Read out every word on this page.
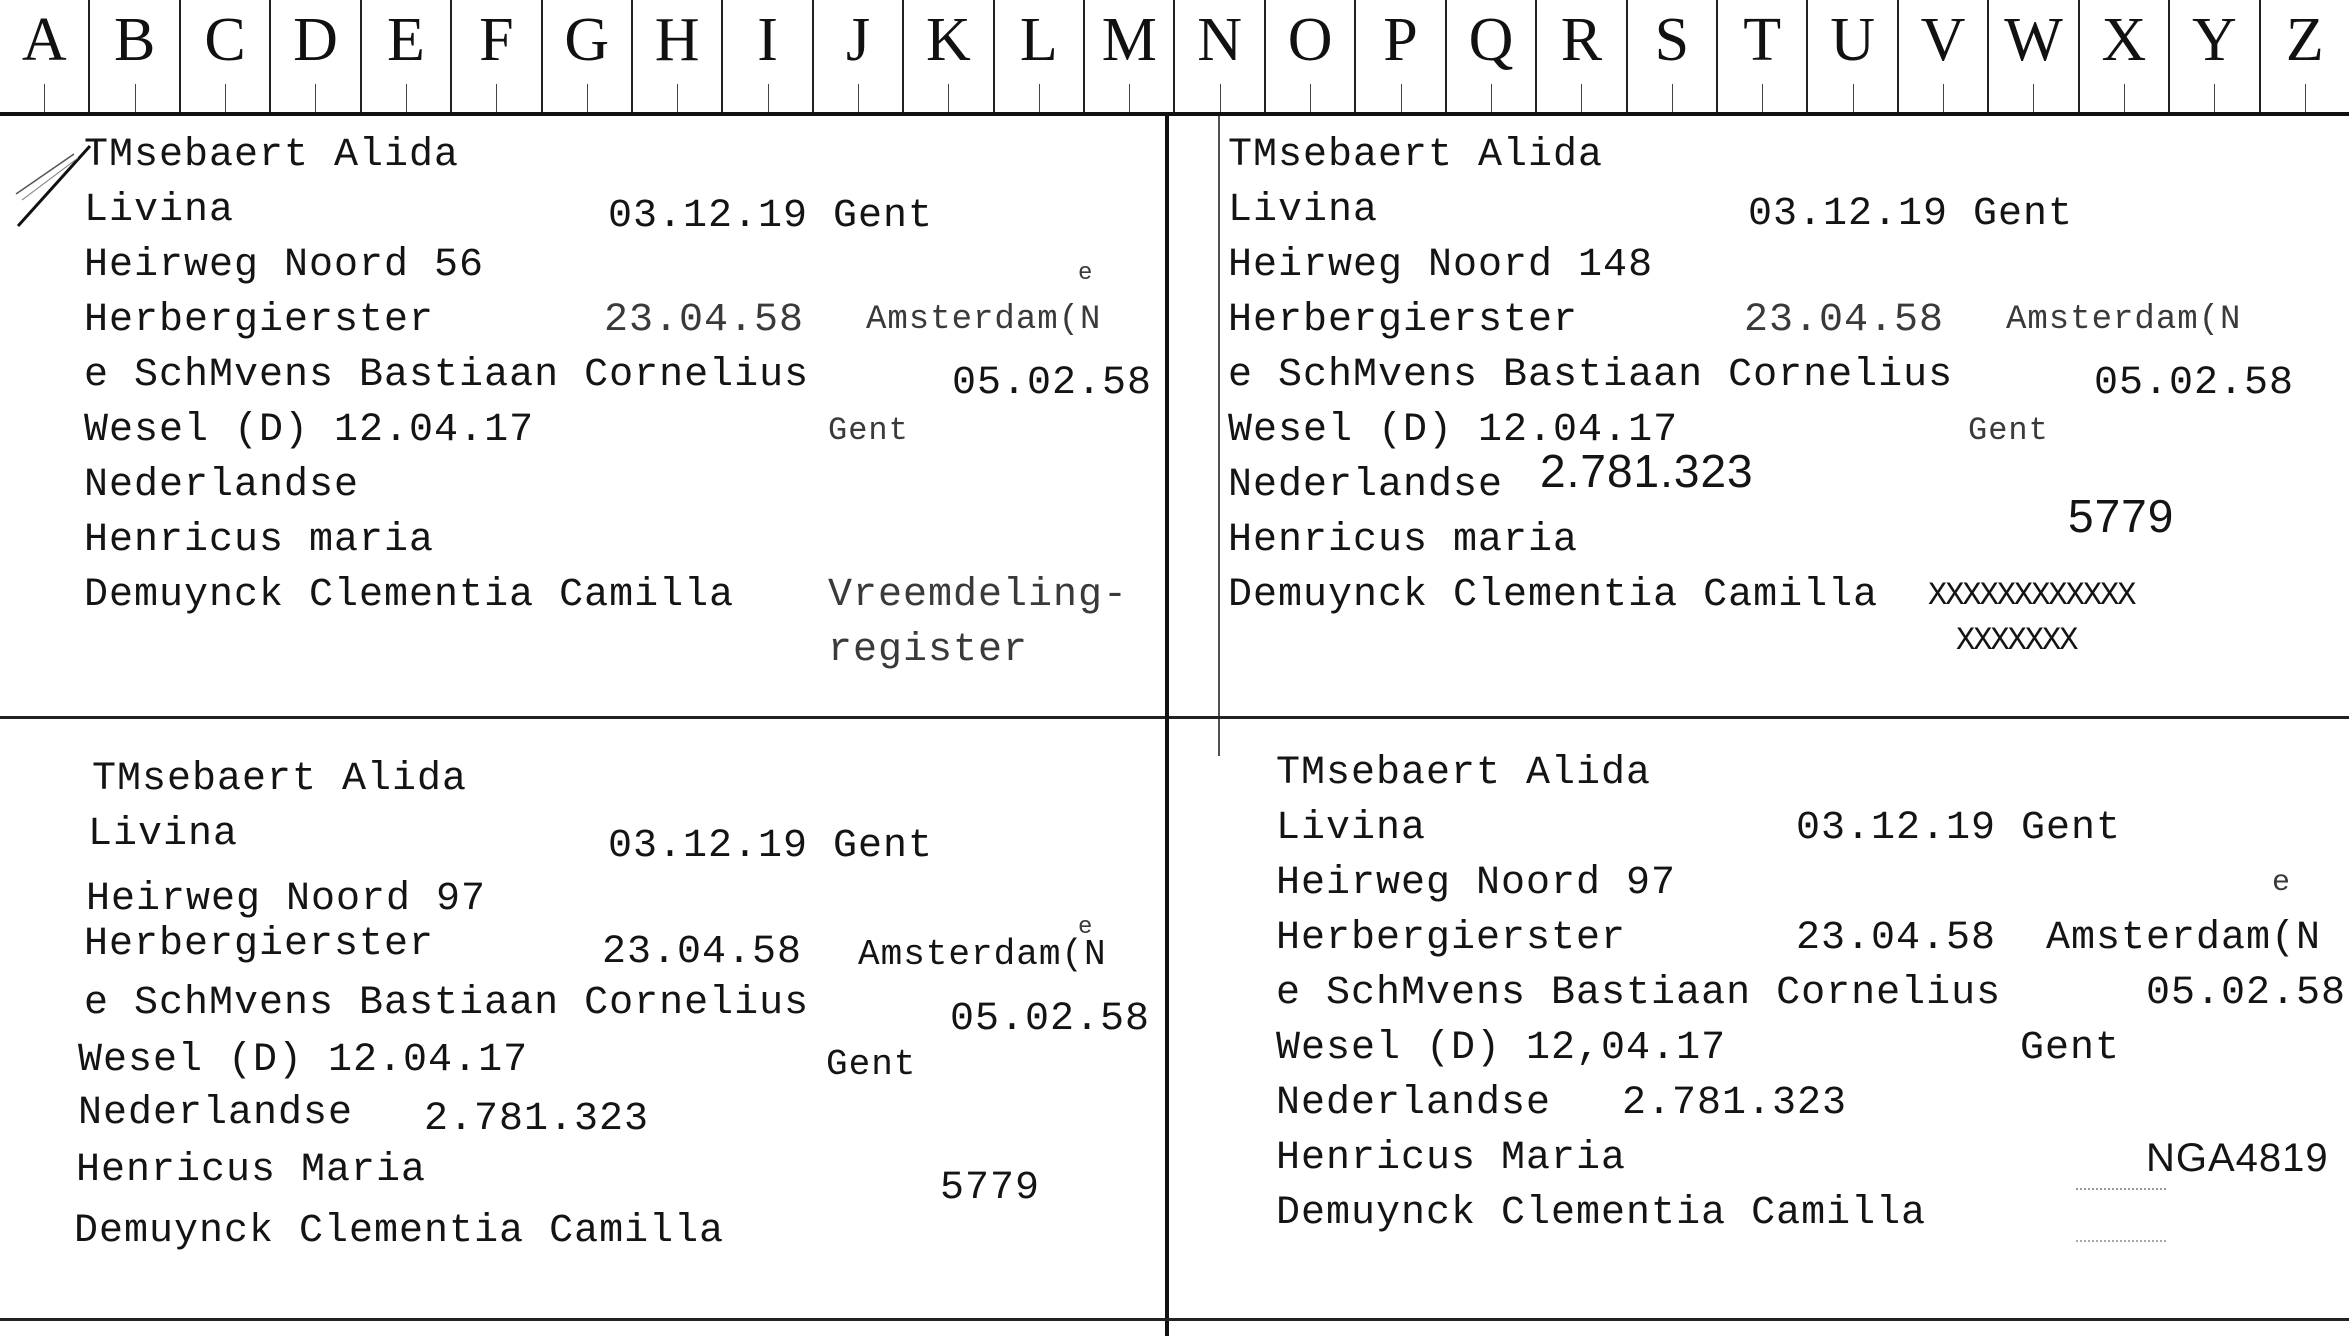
A B C D E F G H I	J K L M N O P Q R S T U V W X Y Z
TMsebaert Alida
Livina	03.12.19 Gent
Heirweg Noord 56
Herbergierster	23.04.58 Amsterdam(N
e SchMvens Bastiaan Cornelius	05.02.58
Wesel (D) 12.04.17	Gent
Nederlandse
Henricus maria
Demuynck Clementia Camilla Vreemdeling-
register
e
TMsebaert Alida
Livina	03.12.19 Gent
Heirweg Noord 148
Herbergierster	23.04.58 Amsterdam(N
e SchMvens Bastiaan Cornelius	05.02.58
Wesel (D) 12.04.17	Gent
Nederlandse 2.781.323
Henricus maria	5779
Demuynck Clementia Camilla XXXXXXXXXXXX
XXXXXXX
TMsebaert Alida
Livina	03.12.19 Gent
Heirweg Noord 97
Herbergierster	23.04.58 Amsterdam(N
e SchMvens Bastiaan Cornelius	05.02.58
Wesel (D) 12.04.17	Gent
Nederlandse 2.781.323
Henricus Maria	5779
Demuynck Clementia Camilla
e
TMsebaert Alida
Livina	03.12.19 Gent
Heirweg Noord 97	e
Herbergierster	23.04.58 Amsterdam(N
e SchMvens Bastiaan Cornelius	05.02.58
Wesel (D) 12,04.17	Gent
Nederlandse 2.781.323
Henricus Maria	NGA4819
Demuynck Clementia Camilla
